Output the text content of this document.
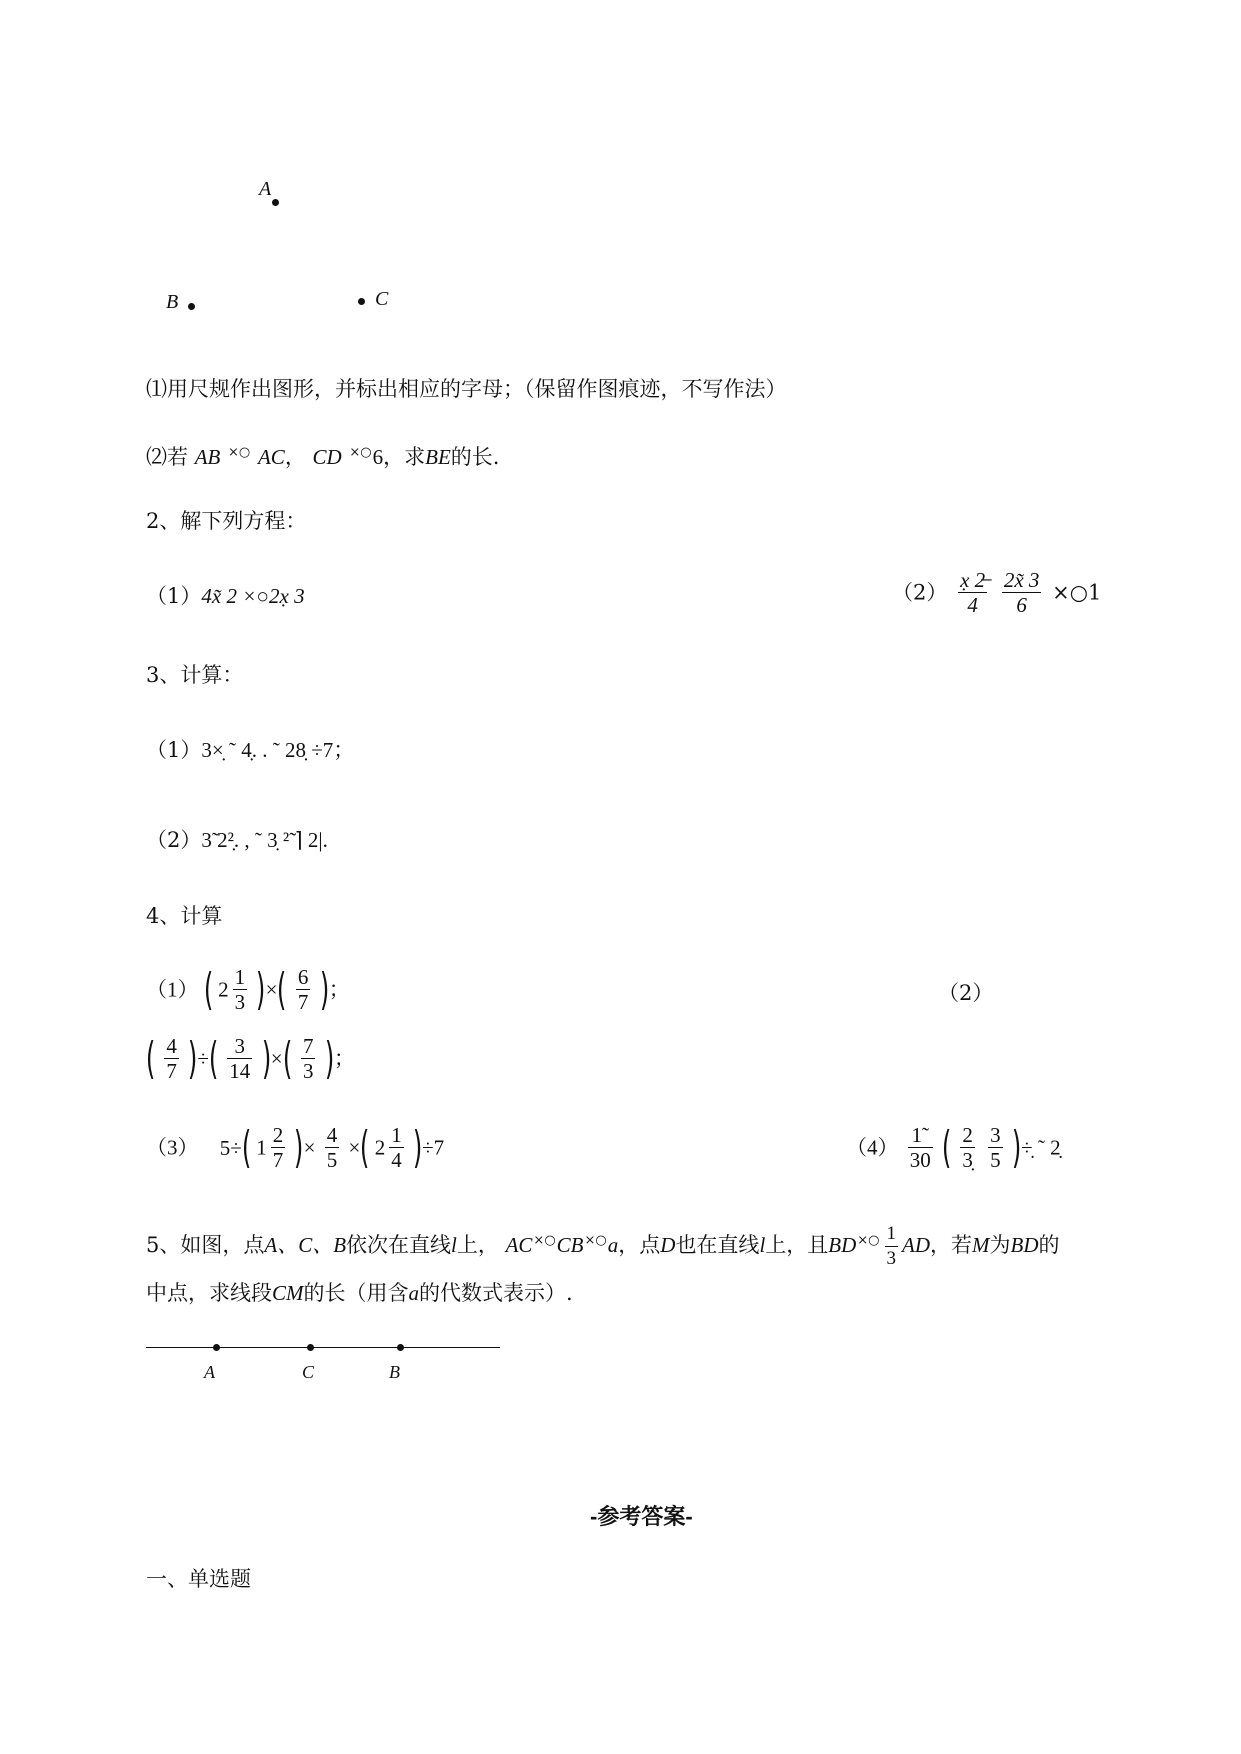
A
B	C
⑴用尺规作出图形，并标出相应的字母；（保留作图痕迹，不写作法）
⑵若 AB ×○ AC， CD ×○6，求BE的长.
2、解下列方程：
（1）4x̃ 2 ×○2x̣ 3	$(2) \frac{x̣ 2̶}{4}$
$\frac{2x̃ 3}{6}$ ×○1
3、计算：
（1）3×̣ ˜ 4̣. . ˜ 28̣ ÷7；
（2）3̃ 2²̣. , ˜ 3̣ ²̃ ⌉ 2|.
4、计算
（1） ( $2 \frac{1}{3}$ )×( $\frac{6}{7}$ )；	（2）
( $\frac{4}{7}$ )÷( $\frac{3}{14}$ )×( $\frac{7}{3}$ )；
（3） 5÷( $1 \frac{2}{7}$ )× $\frac{4}{5}$ ×( $2 \frac{1}{4} )\div 7$	$(4) \frac{1˜}{30}$ ( $\frac{2}{3̣}$
$\frac{3}{5}$ )÷̣ ˜ 2̣
5、如图，点A、C、B依次在直线l上， AC×○CB×○a，点D也在直线l上，且$BD^{\times○} \frac{1}{3}$ AD，若M为BD的
中点，求线段CM的长（用含a的代数式表示）.
A	C	B
-参考答案-
一、单选题
